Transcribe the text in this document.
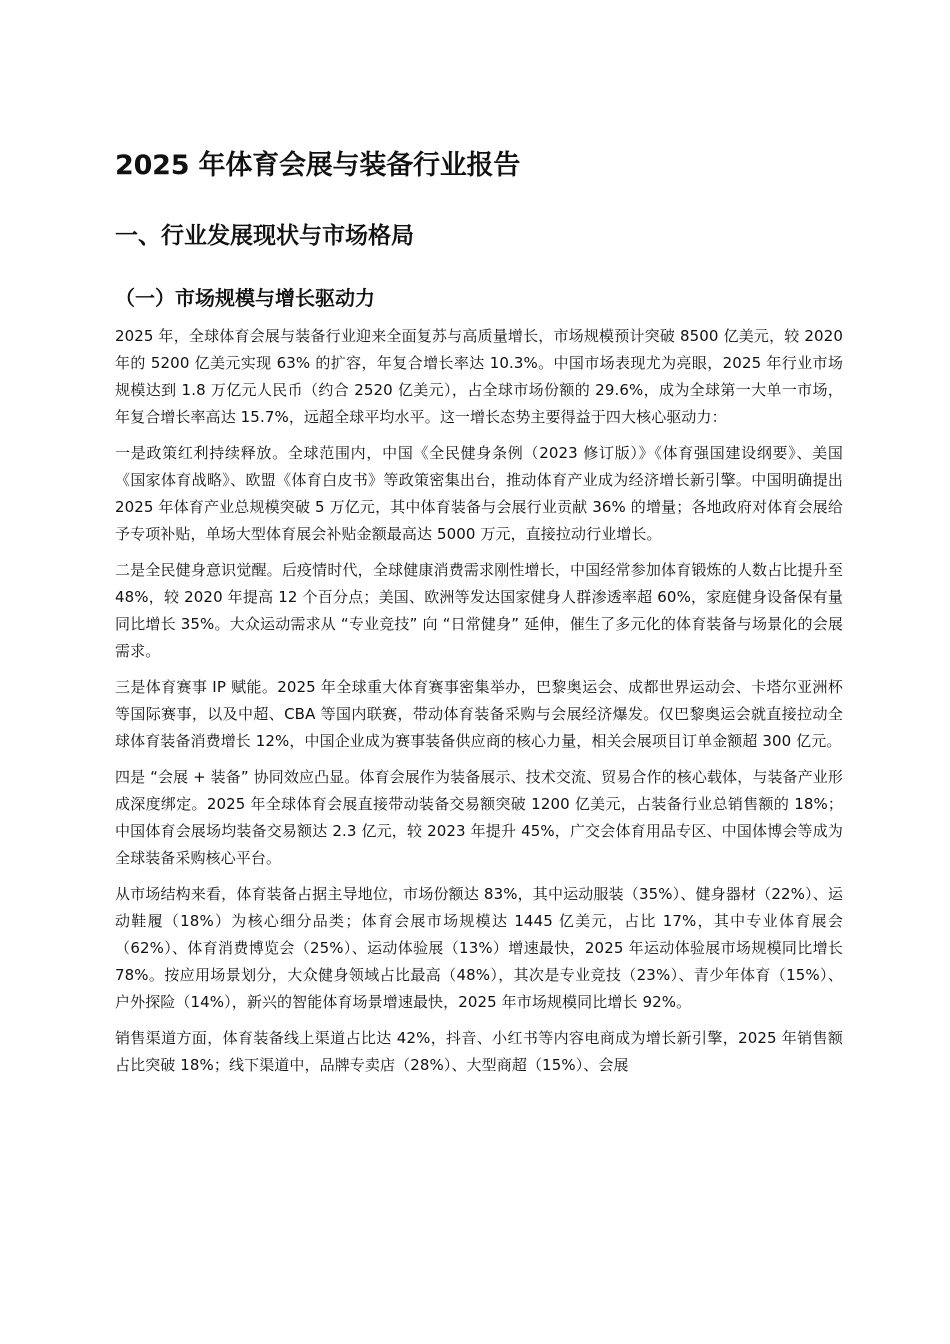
2025 年体育会展与装备行业报告
一、行业发展现状与市场格局
（一）市场规模与增长驱动力

2025 年，全球体育会展与装备行业迎来全面复苏与高质量增长，市场规模预计突破 8500 亿美元，较 2020 年的 5200 亿美元实现 63% 的扩容，年复合增长率达 10.3%。中国市场表现尤为亮眼，2025 年行业市场规模达到 1.8 万亿元人民币（约合 2520 亿美元），占全球市场份额的 29.6%，成为全球第一大单一市场，年复合增长率高达 15.7%，远超全球平均水平。这一增长态势主要得益于四大核心驱动力：

一是政策红利持续释放。全球范围内，中国《全民健身条例（2023 修订版）》《体育强国建设纲要》、美国《国家体育战略》、欧盟《体育白皮书》等政策密集出台，推动体育产业成为经济增长新引擎。中国明确提出 2025 年体育产业总规模突破 5 万亿元，其中体育装备与会展行业贡献 36% 的增量；各地政府对体育会展给予专项补贴，单场大型体育展会补贴金额最高达 5000 万元，直接拉动行业增长。

二是全民健身意识觉醒。后疫情时代，全球健康消费需求刚性增长，中国经常参加体育锻炼的人数占比提升至 48%，较 2020 年提高 12 个百分点；美国、欧洲等发达国家健身人群渗透率超 60%，家庭健身设备保有量同比增长 35%。大众运动需求从 “专业竞技” 向 “日常健身” 延伸，催生了多元化的体育装备与场景化的会展需求。

三是体育赛事 IP 赋能。2025 年全球重大体育赛事密集举办，巴黎奥运会、成都世界运动会、卡塔尔亚洲杯等国际赛事，以及中超、CBA 等国内联赛，带动体育装备采购与会展经济爆发。仅巴黎奥运会就直接拉动全球体育装备消费增长 12%，中国企业成为赛事装备供应商的核心力量，相关会展项目订单金额超 300 亿元。

四是 “会展 + 装备” 协同效应凸显。体育会展作为装备展示、技术交流、贸易合作的核心载体，与装备产业形成深度绑定。2025 年全球体育会展直接带动装备交易额突破 1200 亿美元，占装备行业总销售额的 18%；中国体育会展场均装备交易额达 2.3 亿元，较 2023 年提升 45%，广交会体育用品专区、中国体博会等成为全球装备采购核心平台。

从市场结构来看，体育装备占据主导地位，市场份额达 83%，其中运动服装（35%）、健身器材（22%）、运动鞋履（18%）为核心细分品类；体育会展市场规模达 1445 亿美元，占比 17%，其中专业体育展会（62%）、体育消费博览会（25%）、运动体验展（13%）增速最快，2025 年运动体验展市场规模同比增长 78%。按应用场景划分，大众健身领域占比最高（48%），其次是专业竞技（23%）、青少年体育（15%）、户外探险（14%），新兴的智能体育场景增速最快，2025 年市场规模同比增长 92%。

销售渠道方面，体育装备线上渠道占比达 42%，抖音、小红书等内容电商成为增长新引擎，2025 年销售额占比突破 18%；线下渠道中，品牌专卖店（28%）、大型商超（15%）、会展
